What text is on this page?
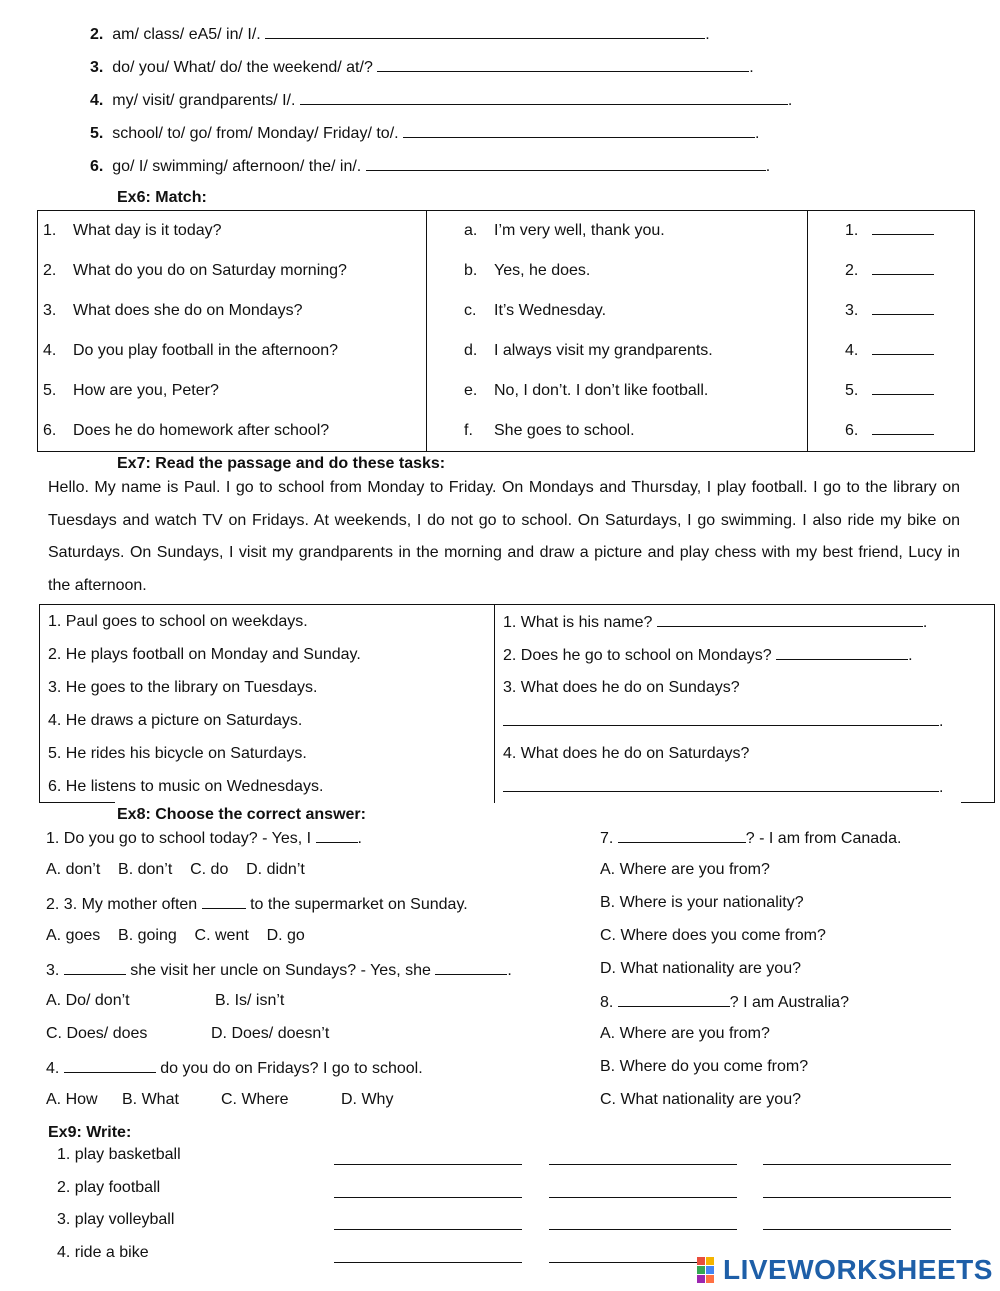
2. am/ class/ eA5/ in/ I/.	.
3. do/ you/ What/ do/ the weekend/ at/?	.
4. my/ visit/ grandparents/ I/.	.
5. school/ to/ go/ from/ Monday/ Friday/ to/.	.
6. go/ I/ swimming/ afternoon/ the/ in/.	.
Ex6: Match:
1. What day is it today?	a. I’m very well, thank you.	1.
2. What do you do on Saturday morning?	b. Yes, he does.	2.
3. What does she do on Mondays?	c. It’s Wednesday.	3.
4. Do you play football in the afternoon?	d. I always visit my grandparents.	4.
5. How are you, Peter?	e. No, I don’t. I don’t like football.	5.
6. Does he do homework after school?	f. She goes to school.	6.
Ex7: Read the passage and do these tasks:
Hello. My name is Paul. I go to school from Monday to Friday. On Mondays and Thursday, I play football. I go to the library on Tuesdays and watch TV on Fridays. At weekends, I do not go to school. On Saturdays, I go swimming. I also ride my bike on Saturdays. On Sundays, I visit my grandparents in the morning and draw a picture and play chess with my best friend, Lucy in the afternoon.
1. Paul goes to school on weekdays.	1. What is his name? .
2. He plays football on Monday and Sunday.	2. Does he go to school on Mondays? .
3. He goes to the library on Tuesdays.	3. What does he do on Sundays?
4. He draws a picture on Saturdays.	.
5. He rides his bicycle on Saturdays.	4. What does he do on Saturdays?
6. He listens to music on Wednesdays.	.
Ex8: Choose the correct answer:
1. Do you go to school today? - Yes, I	.
A. don’t B. don’t C. do D. didn’t
2. 3. My mother often	to the supermarket on Sunday.
A. goes B. going C. went D. go
3.	she visit her uncle on Sundays? - Yes, she	.
A. Do/ don’t	B. Is/ isn’t
C. Does/ does	D. Does/ doesn’t
4.	do you do on Fridays? I go to school.
A. How B. What	C. Where	D. Why
7.	? - I am from Canada.
A. Where are you from?
B. Where is your nationality?
C. Where does you come from?
D. What nationality are you?
8.	? I am Australia?
A. Where are you from?
B. Where do you come from?
C. What nationality are you?
Ex9: Write:
1. play basketball
2. play football
3. play volleyball
4. ride a bike

LIVEWORKSHEETS
